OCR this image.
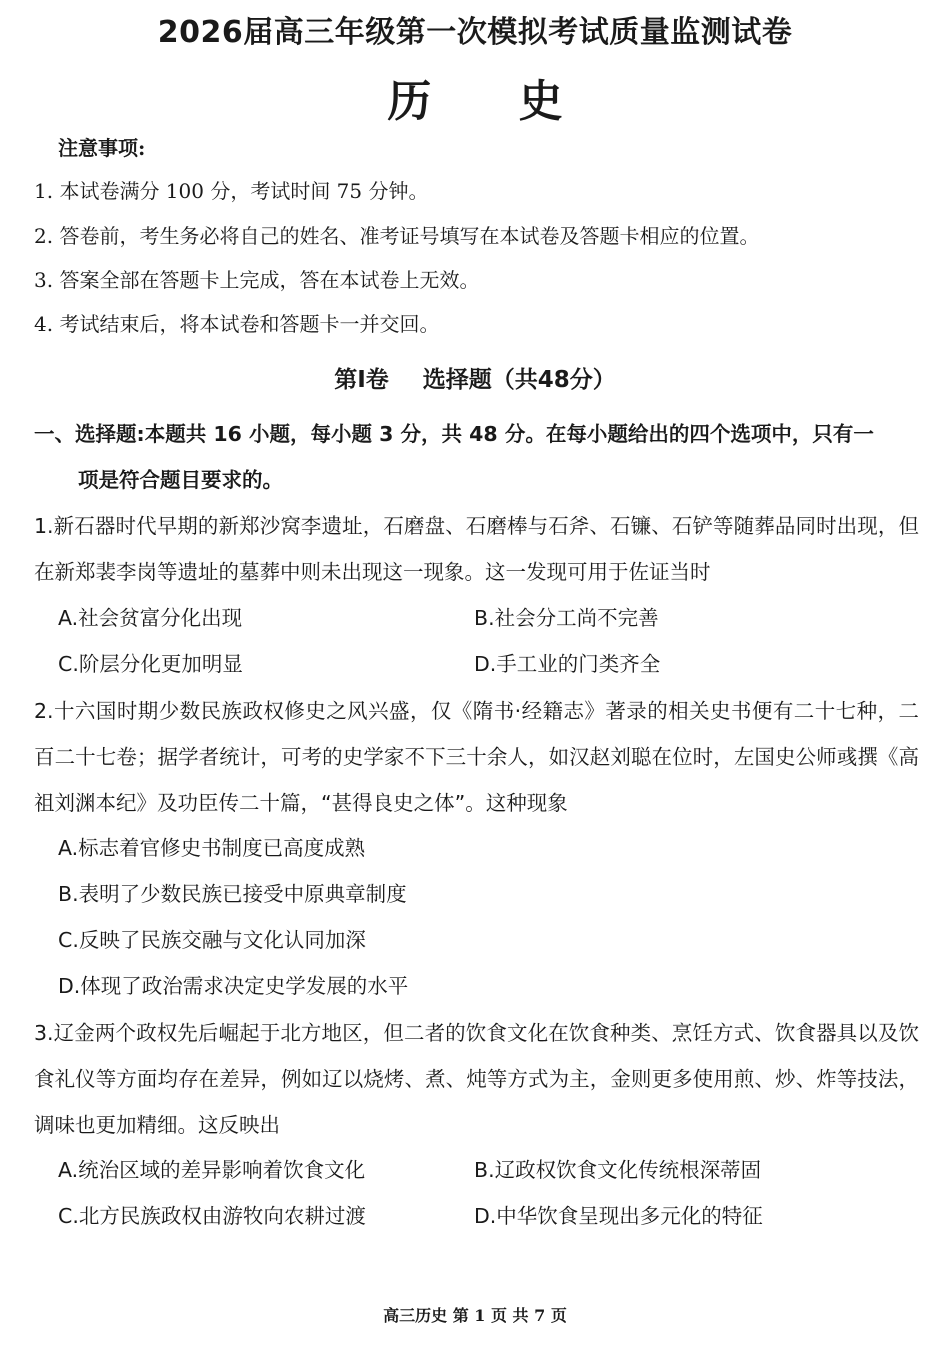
2026届高三年级第一次模拟考试质量监测试卷
历 史
注意事项:
1. 本试卷满分 100 分，考试时间 75 分钟。
2. 答卷前，考生务必将自己的姓名、准考证号填写在本试卷及答题卡相应的位置。
3. 答案全部在答题卡上完成，答在本试卷上无效。
4. 考试结束后，将本试卷和答题卡一并交回。
第I卷 选择题（共48分）
一、选择题:本题共 16 小题，每小题 3 分，共 48 分。在每小题给出的四个选项中，只有一
项是符合题目要求的。
1.新石器时代早期的新郑沙窝李遗址，石磨盘、石磨棒与石斧、石镰、石铲等随葬品同时出现，但在新郑裴李岗等遗址的墓葬中则未出现这一现象。这一发现可用于佐证当时
A.社会贫富分化出现	B.社会分工尚不完善
C.阶层分化更加明显	D.手工业的门类齐全
2.十六国时期少数民族政权修史之风兴盛，仅《隋书·经籍志》著录的相关史书便有二十七种，二百二十七卷；据学者统计，可考的史学家不下三十余人，如汉赵刘聪在位时，左国史公师彧撰《高祖刘渊本纪》及功臣传二十篇，“甚得良史之体”。这种现象
A.标志着官修史书制度已高度成熟
B.表明了少数民族已接受中原典章制度
C.反映了民族交融与文化认同加深
D.体现了政治需求决定史学发展的水平
3.辽金两个政权先后崛起于北方地区，但二者的饮食文化在饮食种类、烹饪方式、饮食器具以及饮食礼仪等方面均存在差异，例如辽以烧烤、煮、炖等方式为主，金则更多使用煎、炒、炸等技法，调味也更加精细。这反映出
A.统治区域的差异影响着饮食文化	B.辽政权饮食文化传统根深蒂固
C.北方民族政权由游牧向农耕过渡	D.中华饮食呈现出多元化的特征
高三历史 第 1 页 共 7 页
